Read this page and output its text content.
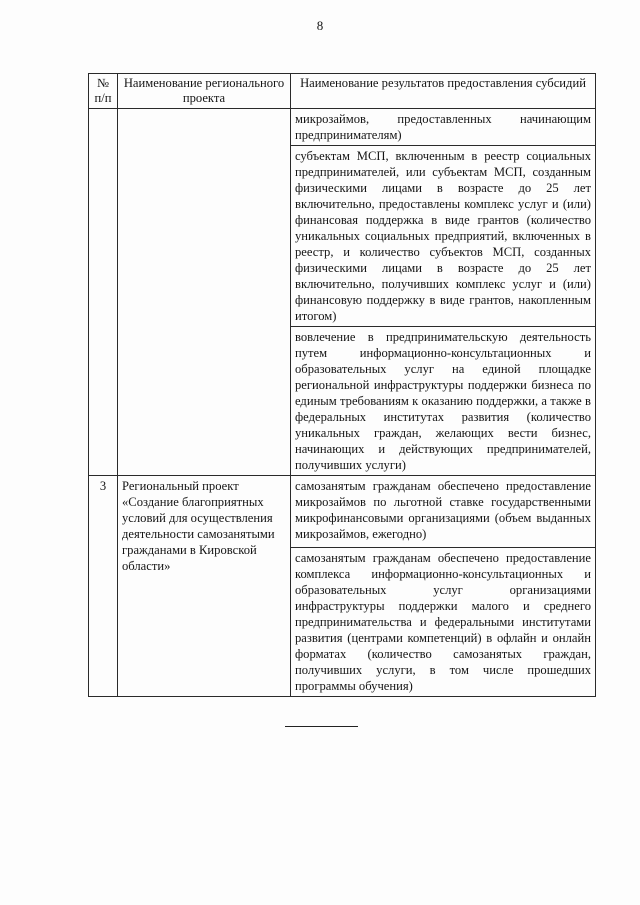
8
№ п/п	Наименование регионального проекта	Наименование результатов предоставления субсидий

		микрозаймов, предоставленных начинающим предпринимателям)

		субъектам МСП, включенным в реестр социальных предпринимателей, или субъектам МСП, созданным физическими лицами в возрасте до 25 лет включительно, предоставлены комплекс услуг и (или) финансовая поддержка в виде грантов (количество уникальных социальных предприятий, включенных в реестр, и количество субъектов МСП, созданных физическими лицами в возрасте до 25 лет включительно, получивших комплекс услуг и (или) финансовую поддержку в виде грантов, накопленным итогом)

		вовлечение в предпринимательскую деятельность путем информационно-консультационных и образовательных услуг на единой площадке региональной инфраструктуры поддержки бизнеса по единым требованиям к оказанию поддержки, а также в федеральных институтах развития (количество уникальных граждан, желающих вести бизнес, начинающих и действующих предпринимателей, получивших услуги)

3	Региональный проект «Создание благоприятных условий для осуществления деятельности самозанятыми гражданами в Кировской области»	самозанятым гражданам обеспечено предоставление микрозаймов по льготной ставке государственными микрофинансовыми организациями (объем выданных микрозаймов, ежегодно)

		самозанятым гражданам обеспечено предоставление комплекса информационно-консультационных и образовательных услуг организациями инфраструктуры поддержки малого и среднего предпринимательства и федеральными институтами развития (центрами компетенций) в офлайн и онлайн форматах (количество самозанятых граждан, получивших услуги, в том числе прошедших программы обучения)
